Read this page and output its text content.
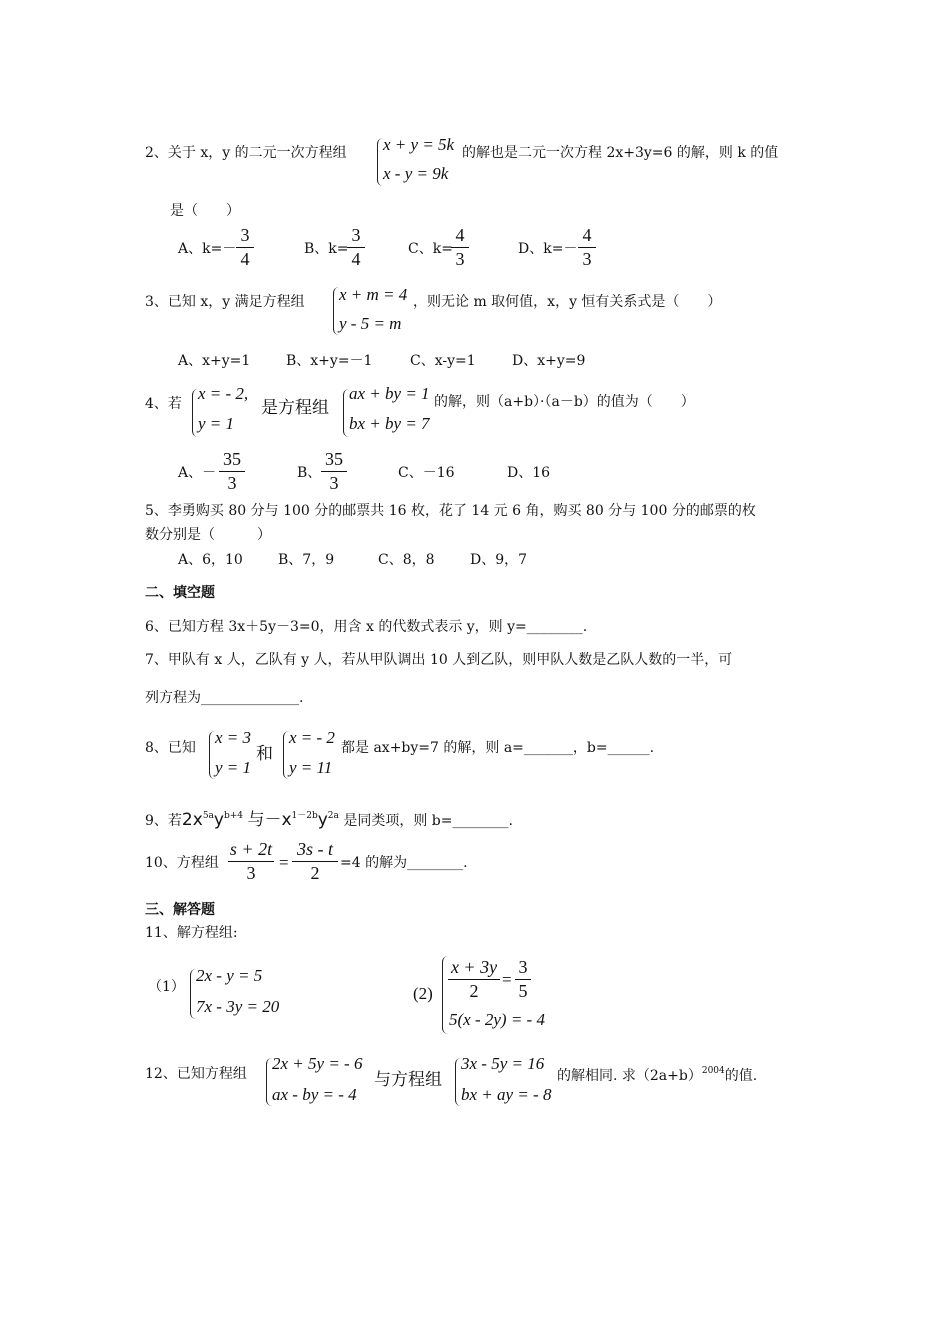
2、关于 x，y 的二元一次方程组 x + y = 5k
x - y = 9k
的解也是二元一次方程 2x+3y=6 的解，则 k 的值
是（　　）
A、k=－
3
4	B、k=
3
4	C、k=
4
3	D、k=－
4
3
3、已知 x，y 满足方程组 x + m = 4
y - 5 = m
，则无论 m 取何值，x，y 恒有关系式是（　　）
A、x+y=1	B、x+y=－1	C、x-y=1	D、x+y=9
4、若
x = - 2,
y = 1
是方程组
ax + by = 1
bx + by = 7
的解，则（a+b）·（a－b）的值为（　　）
A、－
35
3	B、
35
3	C、－16	D、16
5、李勇购买 80 分与 100 分的邮票共 16 枚，花了 14 元 6 角，购买 80 分与 100 分的邮票的枚
数分别是（　　　）
A、6，10	B、7，9	C、8，8	D、9，7
二、填空题
6、已知方程 3x＋5y－3=0，用含 x 的代数式表示 y，则 y=________.
7、甲队有 x 人，乙队有 y 人，若从甲队调出 10 人到乙队，则甲队人数是乙队人数的一半，可
列方程为______________.
8、已知
x = 3
y = 1
和
x = - 2
y = 11
都是 ax+by=7 的解，则 a=_______，b=______.
9、若$2x^{5a}y^{b+4}$ 与$-x^{1-2b}y^{2a}$ 是同类项，则 b=________.
10、方程组
s + 2t
3
=
3s - t
2	=4 的解为________.
三、解答题
11、解方程组:
（1）
2x - y = 5
7x - 3y = 20
(2)
x + 3y
2
=
3
5
5(x - 2y) = - 4
12、已知方程组
2x + 5y = - 6
ax - by = - 4
与方程组
3x - 5y = 16
bx + ay = - 8
的解相同. 求$(2a+b)^{2004}$的值.
